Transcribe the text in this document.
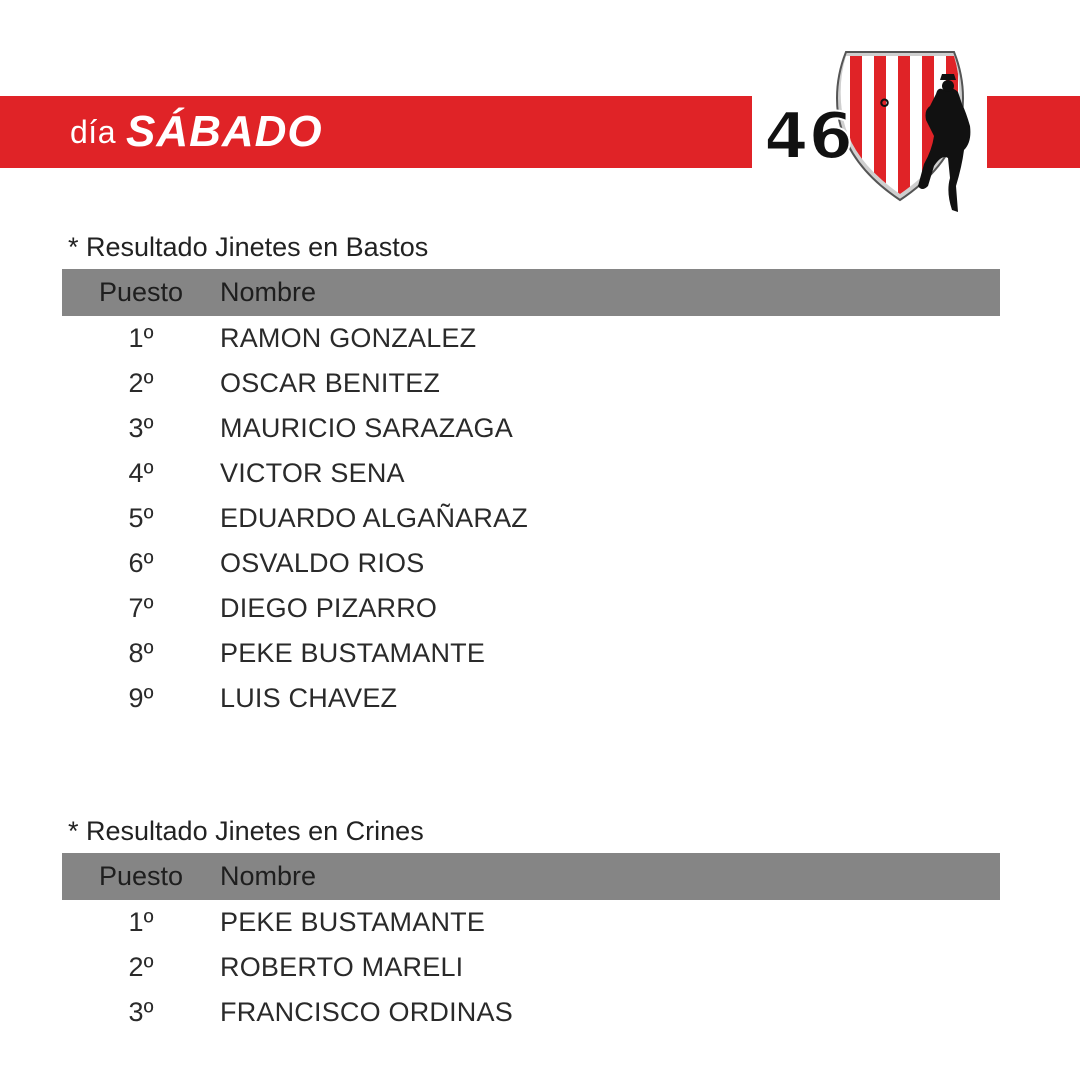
día SÁBADO	46 °
* Resultado Jinetes en Bastos
Puesto	Nombre
1º	RAMON GONZALEZ
2º	OSCAR BENITEZ
3º	MAURICIO SARAZAGA
4º	VICTOR SENA
5º	EDUARDO ALGAÑARAZ
6º	OSVALDO RIOS
7º	DIEGO PIZARRO
8º	PEKE BUSTAMANTE
9º	LUIS CHAVEZ
* Resultado Jinetes en Crines
Puesto	Nombre
1º	PEKE BUSTAMANTE
2º	ROBERTO MARELI
3º	FRANCISCO ORDINAS
